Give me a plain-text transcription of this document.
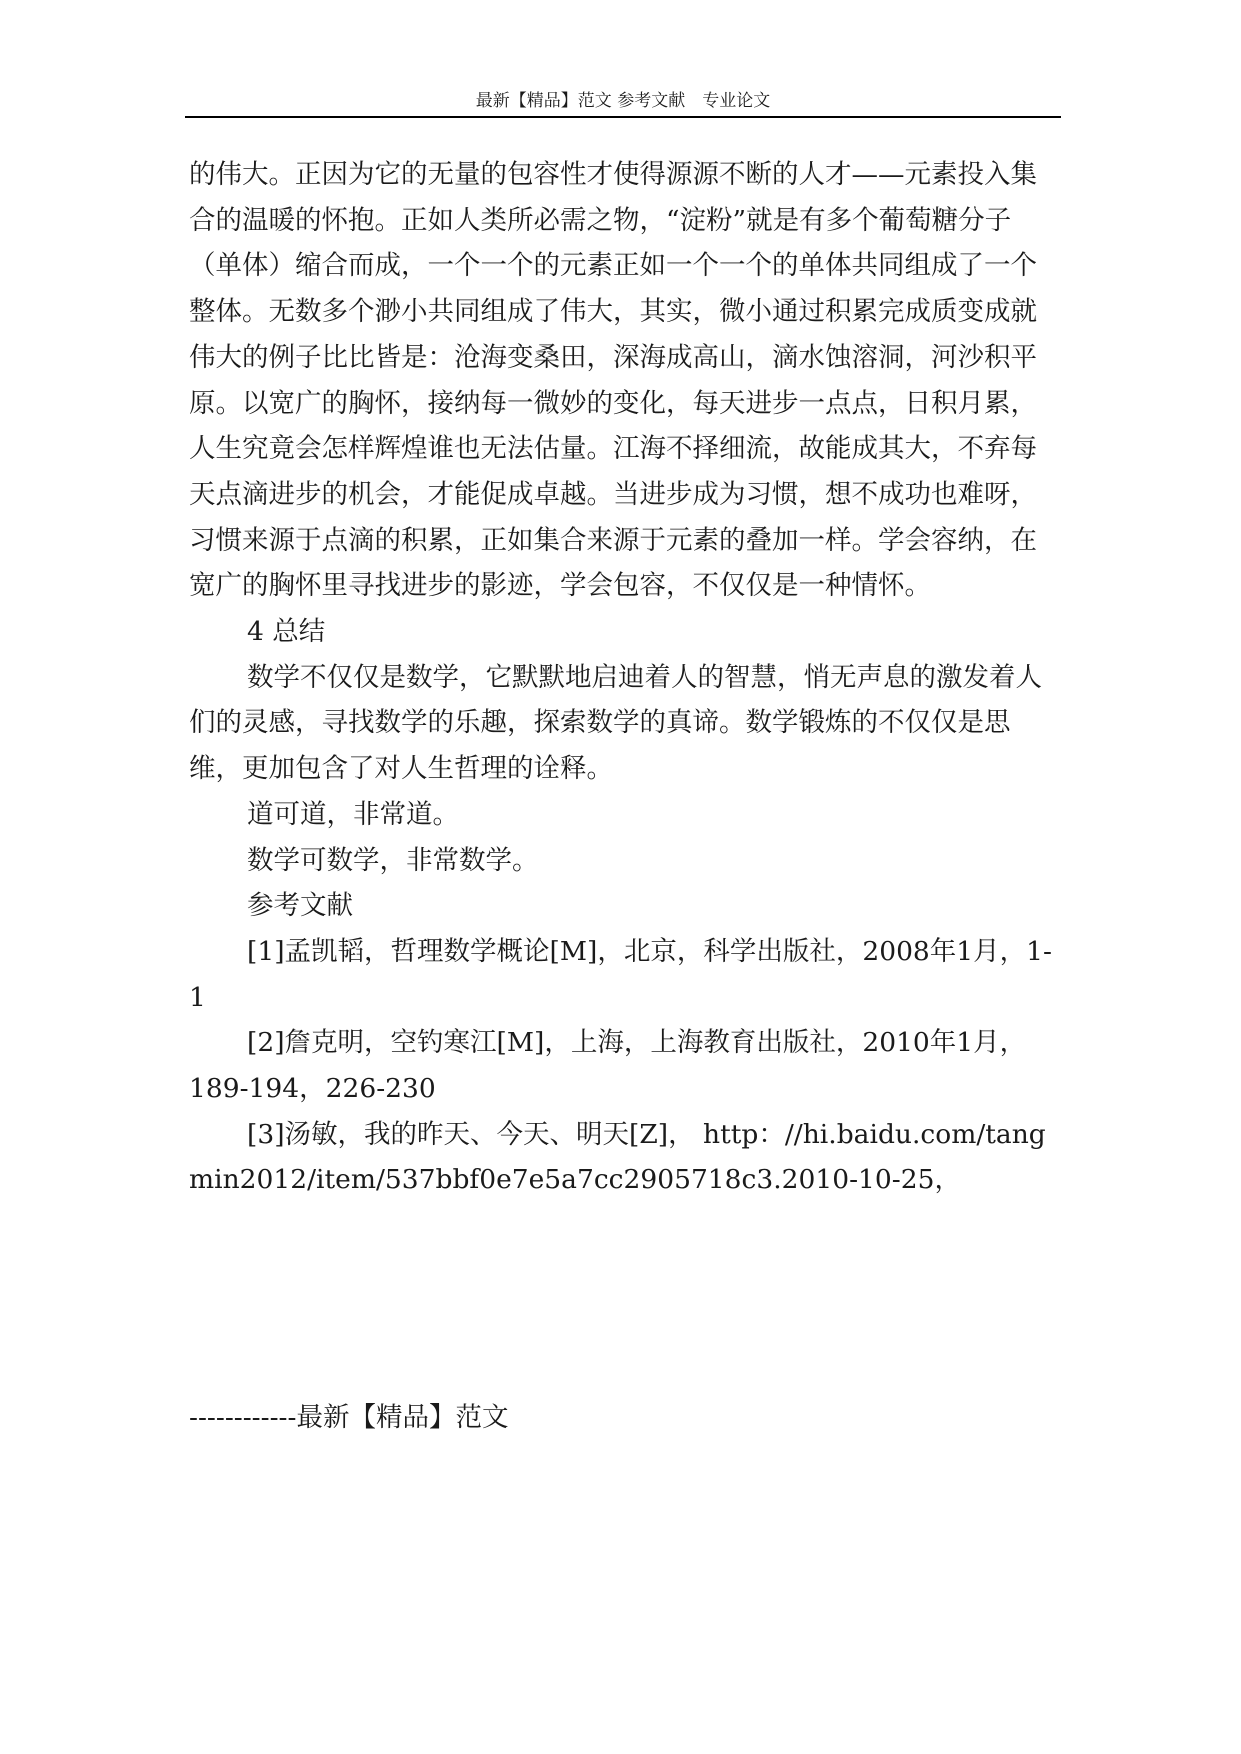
最新【精品】范文 参考文献　专业论文

的伟大。正因为它的无量的包容性才使得源源不断的人才——元素投入集合的温暖的怀抱。正如人类所必需之物，“淀粉”就是有多个葡萄糖分子（单体）缩合而成，一个一个的元素正如一个一个的单体共同组成了一个整体。无数多个渺小共同组成了伟大，其实，微小通过积累完成质变成就伟大的例子比比皆是：沧海变桑田，深海成高山，滴水蚀溶洞，河沙积平原。以宽广的胸怀，接纳每一微妙的变化，每天进步一点点，日积月累，人生究竟会怎样辉煌谁也无法估量。江海不择细流，故能成其大，不弃每天点滴进步的机会，才能促成卓越。当进步成为习惯，想不成功也难呀，习惯来源于点滴的积累，正如集合来源于元素的叠加一样。学会容纳，在宽广的胸怀里寻找进步的影迹，学会包容，不仅仅是一种情怀。

4 总结

数学不仅仅是数学，它默默地启迪着人的智慧，悄无声息的激发着人们的灵感，寻找数学的乐趣，探索数学的真谛。数学锻炼的不仅仅是思维，更加包含了对人生哲理的诠释。

道可道，非常道。

数学可数学，非常数学。

参考文献

[1]孟凯韬，哲理数学概论[M]，北京，科学出版社，2008年1月，1-1

[2]詹克明，空钓寒江[M]，上海，上海教育出版社，2010年1月，189-194，226-230

[3]汤敏，我的昨天、今天、明天[Z]， http：//hi.baidu.com/tangmin2012/item/537bbf0e7e5a7cc2905718c3.2010-10-25，

------------最新【精品】范文
